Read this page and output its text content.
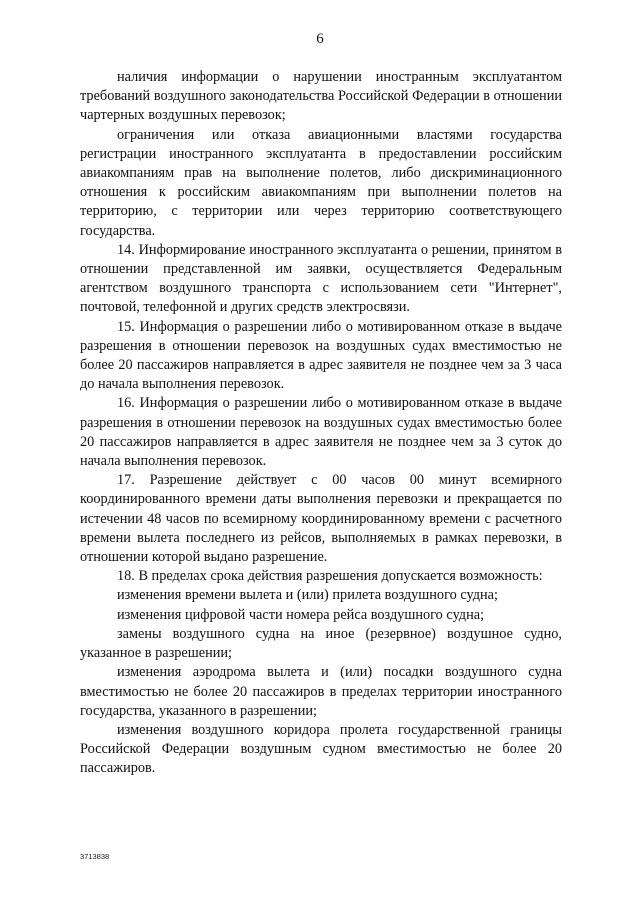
6

наличия информации о нарушении иностранным эксплуатантом требований воздушного законодательства Российской Федерации в отношении чартерных воздушных перевозок;

ограничения или отказа авиационными властями государства регистрации иностранного эксплуатанта в предоставлении российским авиакомпаниям прав на выполнение полетов, либо дискриминационного отношения к российским авиакомпаниям при выполнении полетов на территорию, с территории или через территорию соответствующего государства.

14. Информирование иностранного эксплуатанта о решении, принятом в отношении представленной им заявки, осуществляется Федеральным агентством воздушного транспорта с использованием сети "Интернет", почтовой, телефонной и других средств электросвязи.

15. Информация о разрешении либо о мотивированном отказе в выдаче разрешения в отношении перевозок на воздушных судах вместимостью не более 20 пассажиров направляется в адрес заявителя не позднее чем за 3 часа до начала выполнения перевозок.

16. Информация о разрешении либо о мотивированном отказе в выдаче разрешения в отношении перевозок на воздушных судах вместимостью более 20 пассажиров направляется в адрес заявителя не позднее чем за 3 суток до начала выполнения перевозок.

17. Разрешение действует с 00 часов 00 минут всемирного координированного времени даты выполнения перевозки и прекращается по истечении 48 часов по всемирному координированному времени с расчетного времени вылета последнего из рейсов, выполняемых в рамках перевозки, в отношении которой выдано разрешение.

18. В пределах срока действия разрешения допускается возможность:

изменения времени вылета и (или) прилета воздушного судна;

изменения цифровой части номера рейса воздушного судна;

замены воздушного судна на иное (резервное) воздушное судно, указанное в разрешении;

изменения аэродрома вылета и (или) посадки воздушного судна вместимостью не более 20 пассажиров в пределах территории иностранного государства, указанного в разрешении;

изменения воздушного коридора пролета государственной границы Российской Федерации воздушным судном вместимостью не более 20 пассажиров.

3713838
